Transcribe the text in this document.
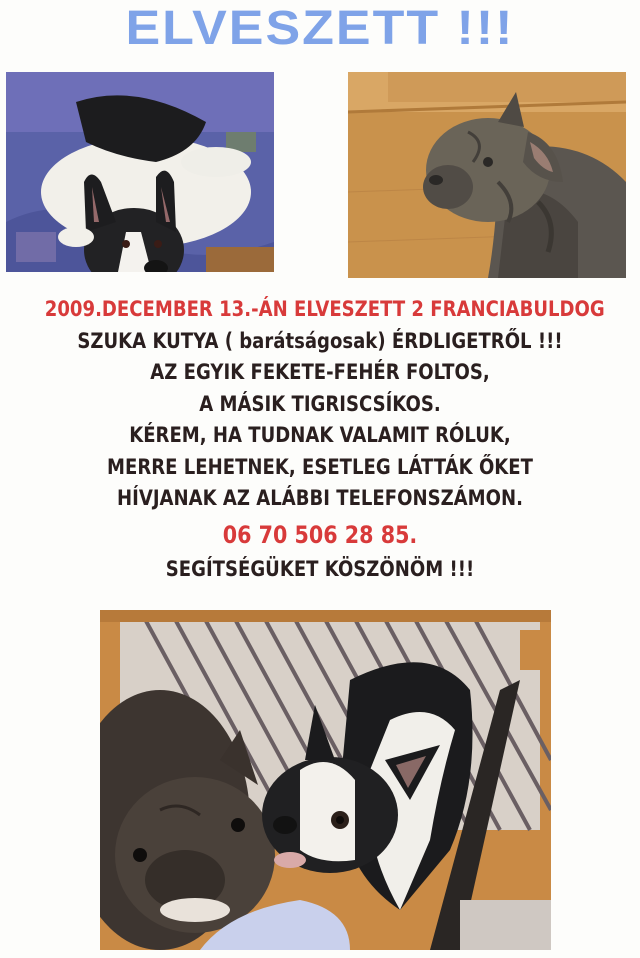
ELVESZETT !!!
2009.DECEMBER 13.-ÁN ELVESZETT 2 FRANCIABULDOG
SZUKA KUTYA ( barátságosak) ÉRDLIGETRŐL !!!
AZ EGYIK FEKETE-FEHÉR FOLTOS,
A MÁSIK TIGRISCSÍKOS.
KÉREM, HA TUDNAK VALAMIT RÓLUK,
MERRE LEHETNEK, ESETLEG LÁTTÁK ŐKET
HÍVJANAK AZ ALÁBBI TELEFONSZÁMON.
06 70 506 28 85.
SEGÍTSÉGÜKET KÖSZÖNÖM !!!
